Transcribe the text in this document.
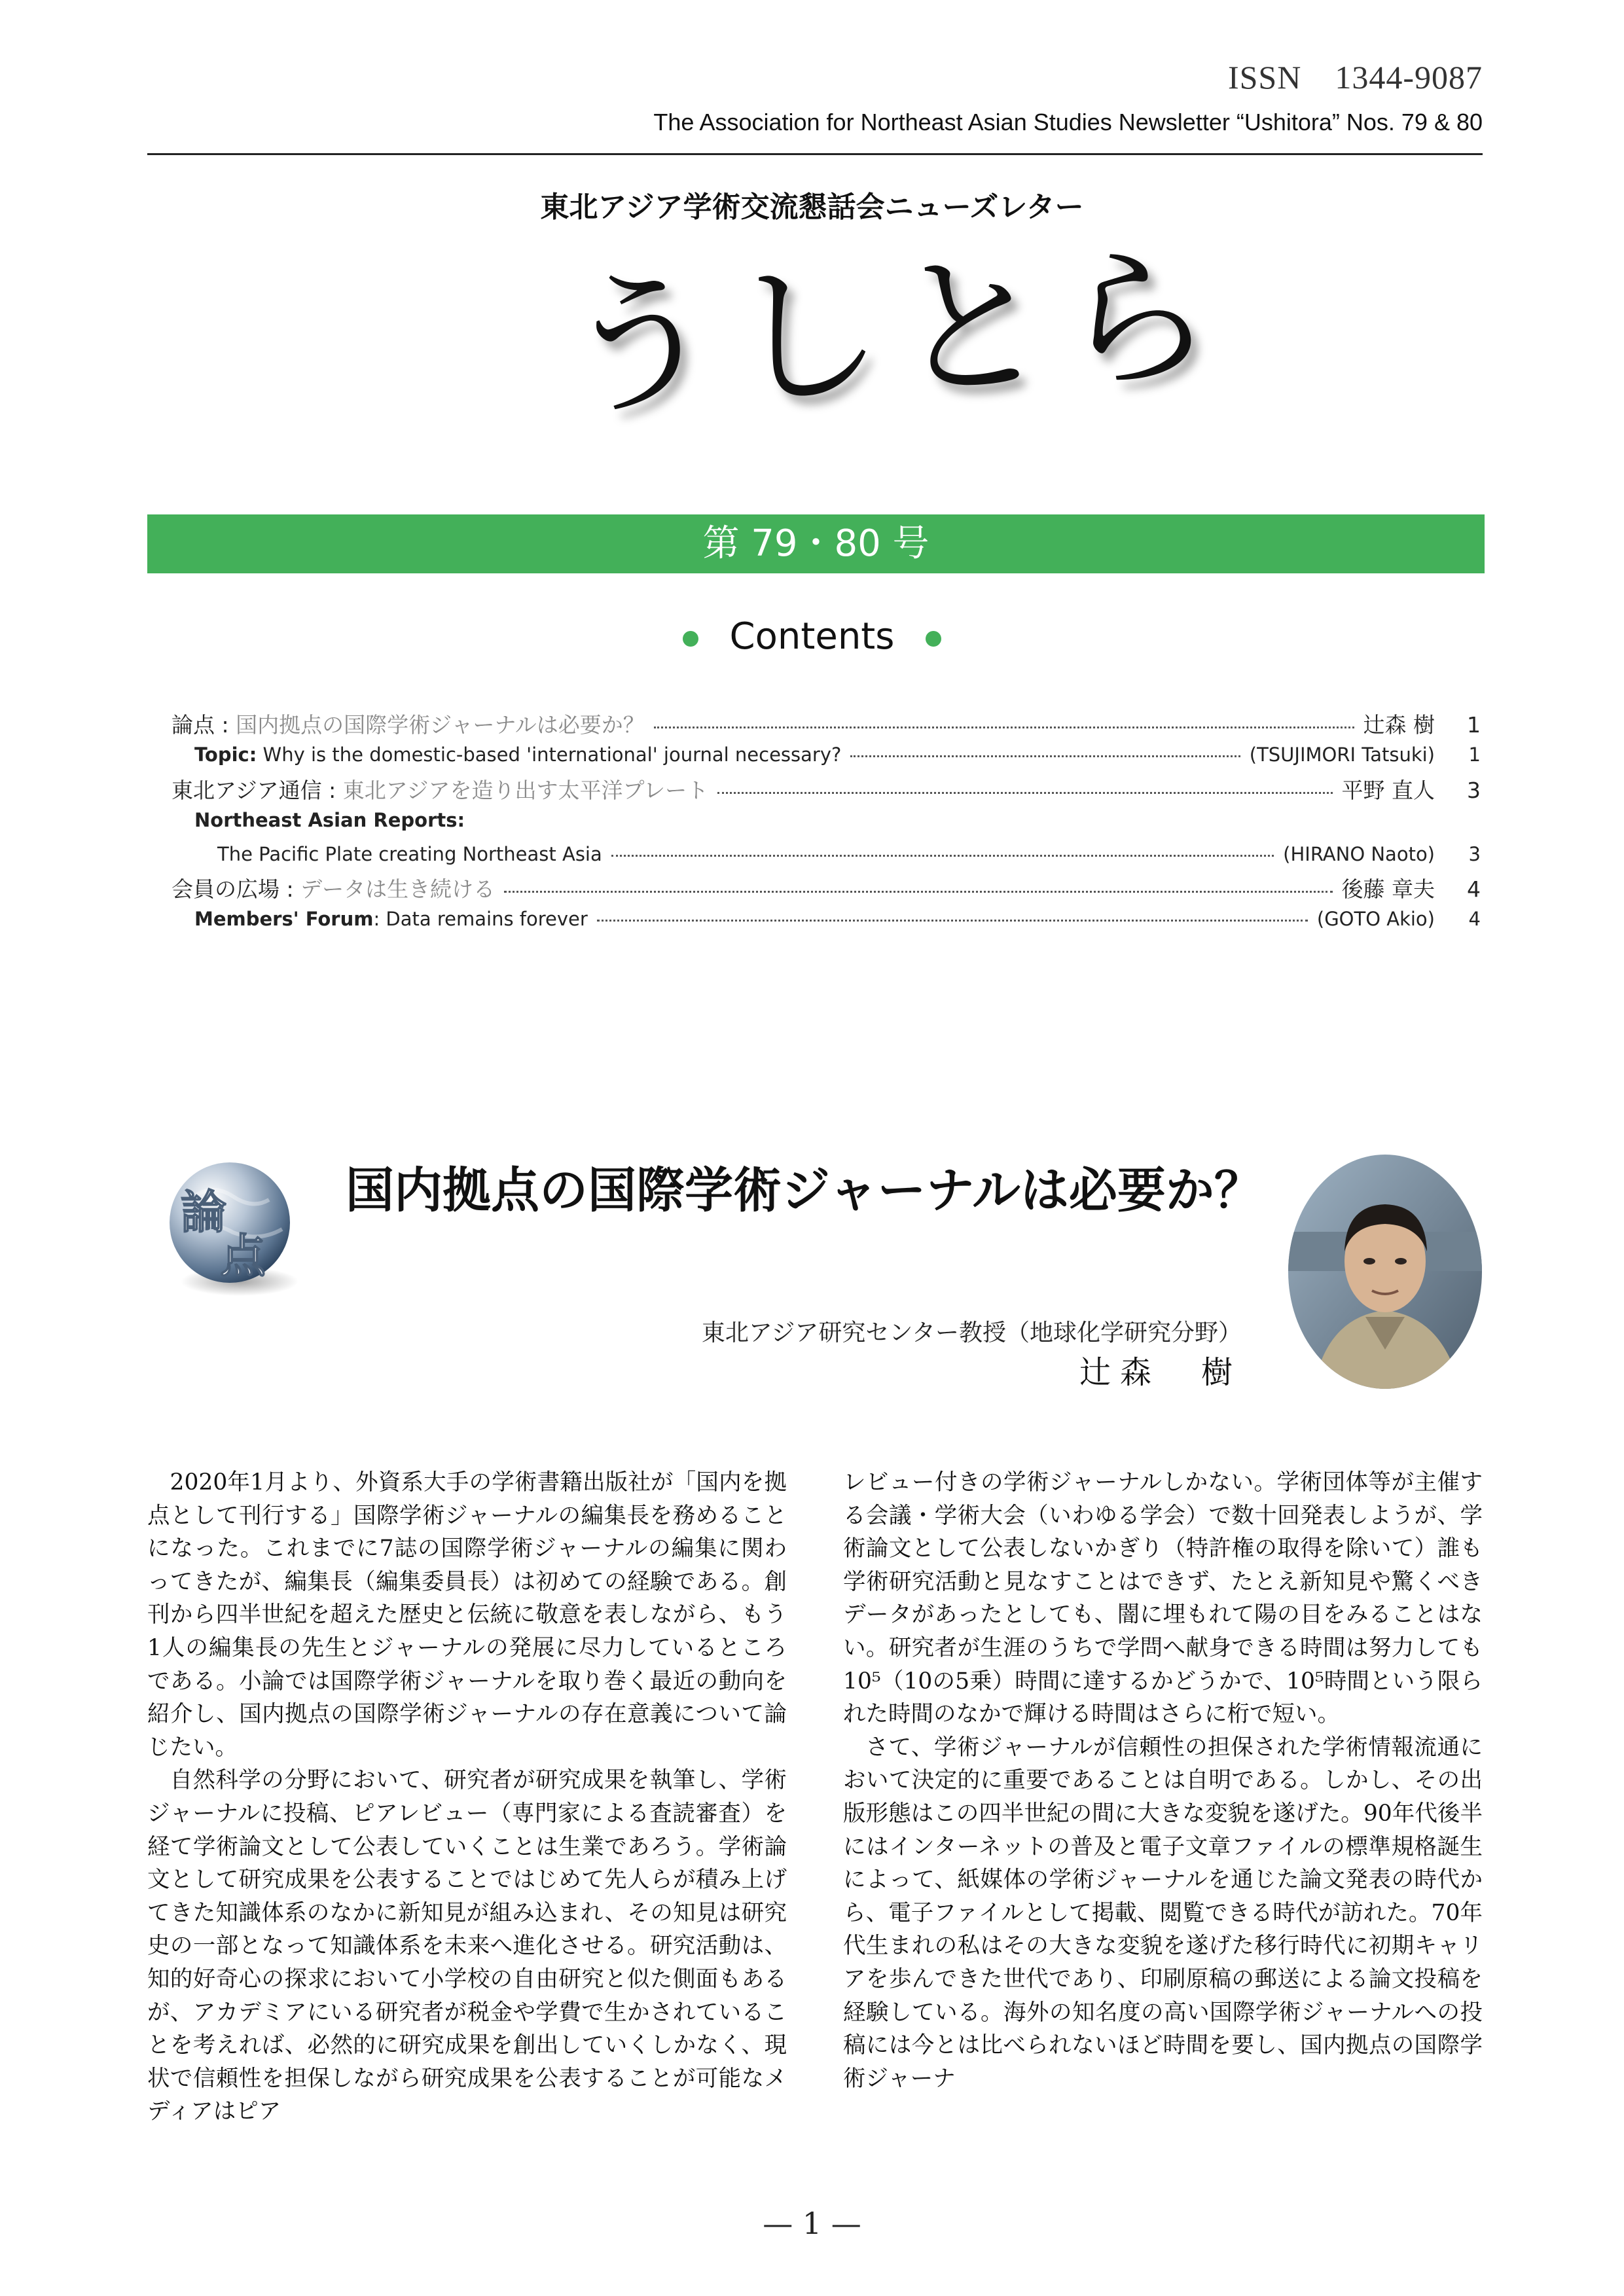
ISSN　1344-9087
The Association for Northeast Asian Studies Newsletter “Ushitora” Nos. 79 & 80
東北アジア学術交流懇話会ニューズレター
うしとら
第 79・80 号
Contents
論点 : 国内拠点の国際学術ジャーナルは必要か？	辻森 樹	1
Topic: Why is the domestic-based 'international' journal necessary?	(TSUJIMORI Tatsuki)	1
東北アジア通信 : 東北アジアを造り出す太平洋プレート	平野 直人	3
Northeast Asian Reports:
The Pacific Plate creating Northeast Asia	(HIRANO Naoto)	3
会員の広場 : データは生き続ける	後藤 章夫	4
Members' Forum: Data remains forever	(GOTO Akio)	4
論
点
国内拠点の国際学術ジャーナルは必要か？
東北アジア研究センター教授（地球化学研究分野）
辻森　樹

2020年1月より、外資系大手の学術書籍出版社が「国内を拠点として刊行する」国際学術ジャーナルの編集長を務めることになった。これまでに7誌の国際学術ジャーナルの編集に関わってきたが、編集長（編集委員長）は初めての経験である。創刊から四半世紀を超えた歴史と伝統に敬意を表しながら、もう1人の編集長の先生とジャーナルの発展に尽力しているところである。小論では国際学術ジャーナルを取り巻く最近の動向を紹介し、国内拠点の国際学術ジャーナルの存在意義について論じたい。

自然科学の分野において、研究者が研究成果を執筆し、学術ジャーナルに投稿、ピアレビュー（専門家による査読審査）を経て学術論文として公表していくことは生業であろう。学術論文として研究成果を公表することではじめて先人らが積み上げてきた知識体系のなかに新知見が組み込まれ、その知見は研究史の一部となって知識体系を未来へ進化させる。研究活動は、知的好奇心の探求において小学校の自由研究と似た側面もあるが、アカデミアにいる研究者が税金や学費で生かされていることを考えれば、必然的に研究成果を創出していくしかなく、現状で信頼性を担保しながら研究成果を公表することが可能なメディアはピア

レビュー付きの学術ジャーナルしかない。学術団体等が主催する会議・学術大会（いわゆる学会）で数十回発表しようが、学術論文として公表しないかぎり（特許権の取得を除いて）誰も学術研究活動と見なすことはできず、たとえ新知見や驚くべきデータがあったとしても、闇に埋もれて陽の目をみることはない。研究者が生涯のうちで学問へ献身できる時間は努力しても10⁵（10の5乗）時間に達するかどうかで、10⁵時間という限られた時間のなかで輝ける時間はさらに桁で短い。

さて、学術ジャーナルが信頼性の担保された学術情報流通において決定的に重要であることは自明である。しかし、その出版形態はこの四半世紀の間に大きな変貌を遂げた。90年代後半にはインターネットの普及と電子文章ファイルの標準規格誕生によって、紙媒体の学術ジャーナルを通じた論文発表の時代から、電子ファイルとして掲載、閲覧できる時代が訪れた。70年代生まれの私はその大きな変貌を遂げた移行時代に初期キャリアを歩んできた世代であり、印刷原稿の郵送による論文投稿を経験している。海外の知名度の高い国際学術ジャーナルへの投稿には今とは比べられないほど時間を要し、国内拠点の国際学術ジャーナ

— 1 —
